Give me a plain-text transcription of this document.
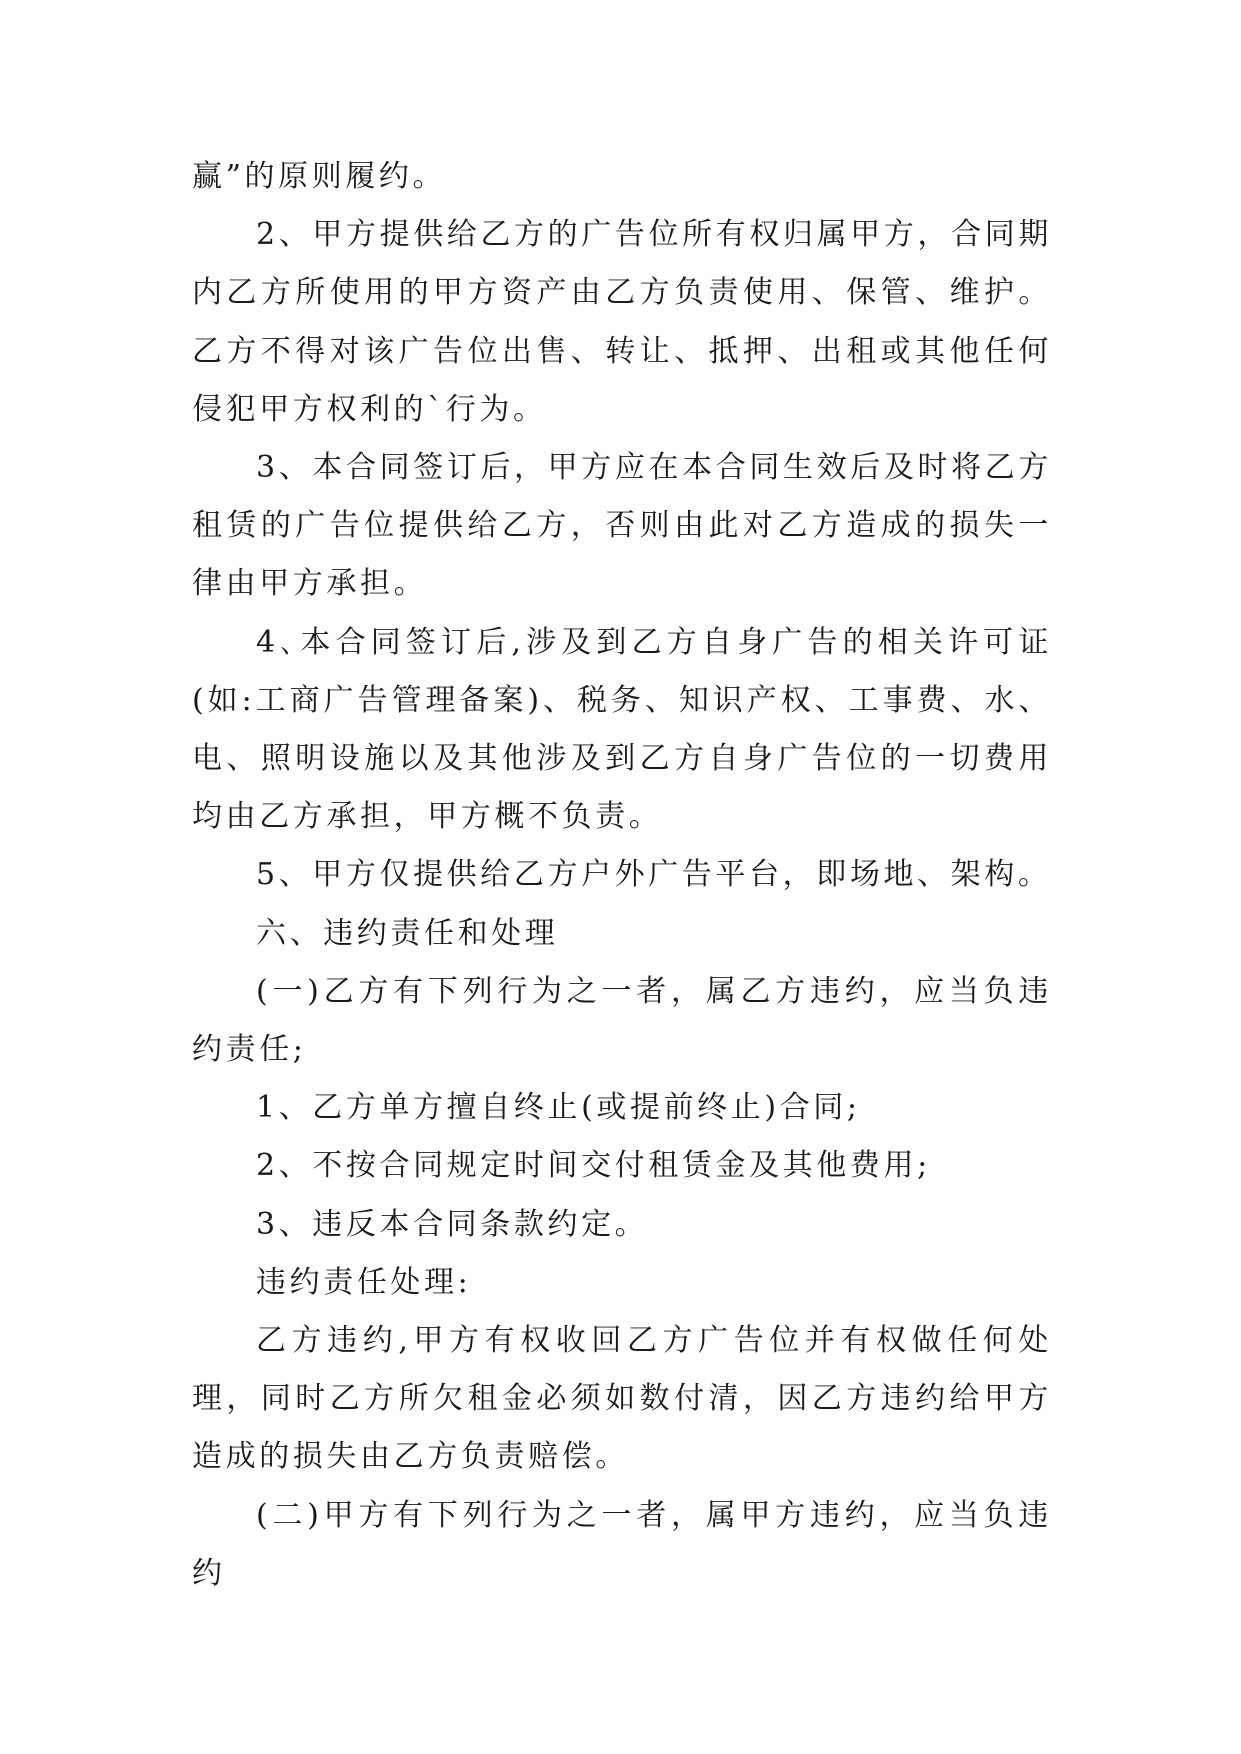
赢”的原则履约。

2、甲方提供给乙方的广告位所有权归属甲方，合同期内乙方所使用的甲方资产由乙方负责使用、保管、维护。乙方不得对该广告位出售、转让、抵押、出租或其他任何侵犯甲方权利的`行为。

3、本合同签订后，甲方应在本合同生效后及时将乙方租赁的广告位提供给乙方，否则由此对乙方造成的损失一律由甲方承担。

4､本合同签订后,涉及到乙方自身广告的相关许可证(如:工商广告管理备案)、税务、知识产权、工事费、水、电、照明设施以及其他涉及到乙方自身广告位的一切费用均由乙方承担，甲方概不负责。

5、甲方仅提供给乙方户外广告平台，即场地、架构。

六、违约责任和处理

(一)乙方有下列行为之一者，属乙方违约，应当负违约责任;

1、乙方单方擅自终止(或提前终止)合同;

2、不按合同规定时间交付租赁金及其他费用;

3、违反本合同条款约定。

违约责任处理:

乙方违约,甲方有权收回乙方广告位并有权做任何处理，同时乙方所欠租金必须如数付清，因乙方违约给甲方造成的损失由乙方负责赔偿。

(二)甲方有下列行为之一者，属甲方违约，应当负违约
